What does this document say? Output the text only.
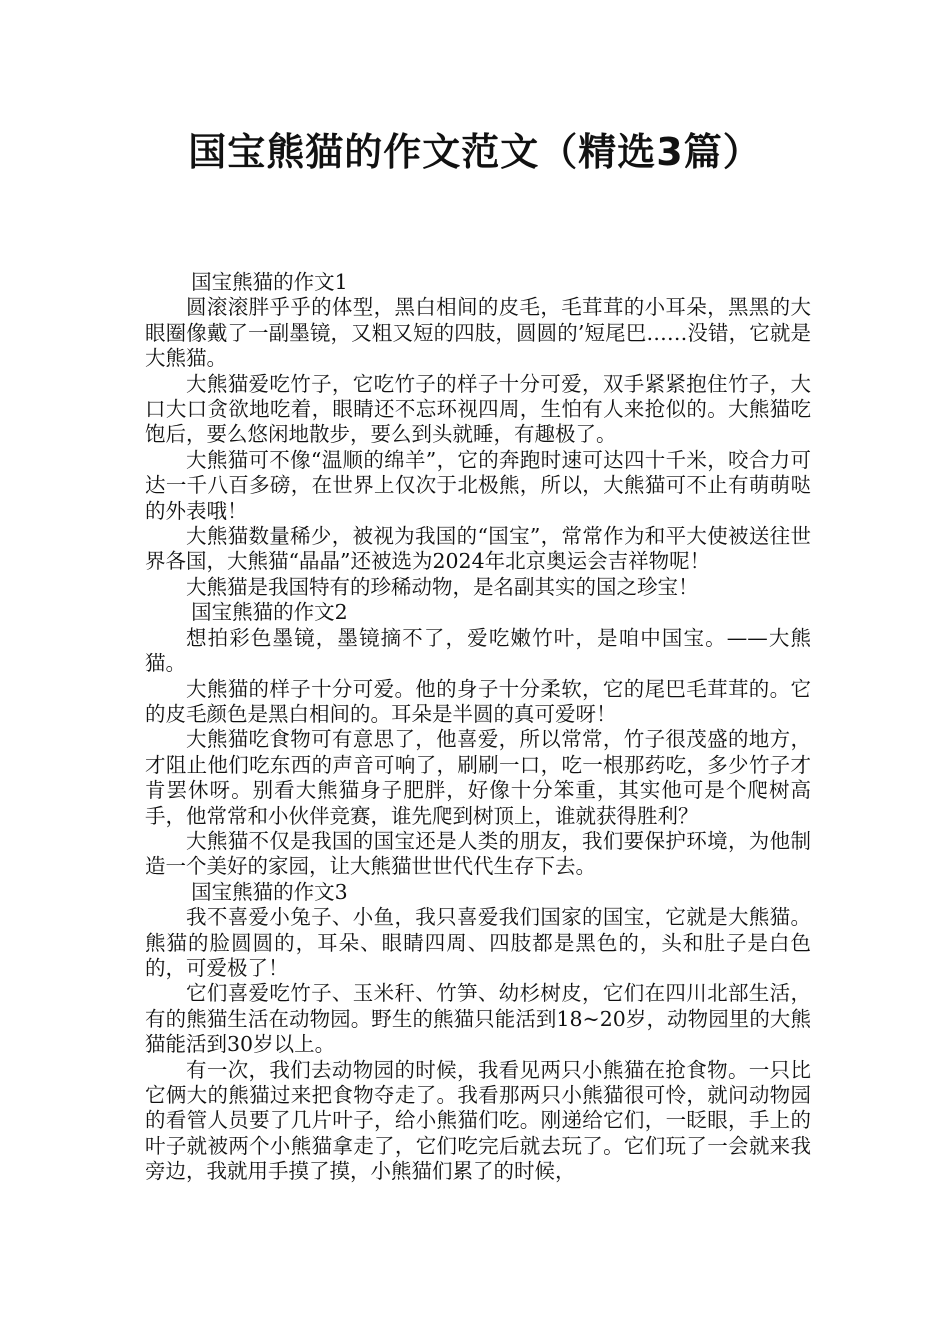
国宝熊猫的作文范文（精选3篇）

国宝熊猫的作文1

圆滚滚胖乎乎的体型，黑白相间的皮毛，毛茸茸的小耳朵，黑黑的大眼圈像戴了一副墨镜，又粗又短的四肢，圆圆的’短尾巴……没错，它就是大熊猫。

大熊猫爱吃竹子，它吃竹子的样子十分可爱，双手紧紧抱住竹子，大口大口贪欲地吃着，眼睛还不忘环视四周，生怕有人来抢似的。大熊猫吃饱后，要么悠闲地散步，要么到头就睡，有趣极了。

大熊猫可不像“温顺的绵羊”，它的奔跑时速可达四十千米，咬合力可达一千八百多磅，在世界上仅次于北极熊，所以，大熊猫可不止有萌萌哒的外表哦！

大熊猫数量稀少，被视为我国的“国宝”，常常作为和平大使被送往世界各国，大熊猫“晶晶”还被选为2024年北京奥运会吉祥物呢！

大熊猫是我国特有的珍稀动物，是名副其实的国之珍宝！

国宝熊猫的作文2

想拍彩色墨镜，墨镜摘不了，爱吃嫩竹叶，是咱中国宝。——大熊猫。

大熊猫的样子十分可爱。他的身子十分柔软，它的尾巴毛茸茸的。它的皮毛颜色是黑白相间的。耳朵是半圆的真可爱呀！

大熊猫吃食物可有意思了，他喜爱，所以常常，竹子很茂盛的地方，才阻止他们吃东西的声音可响了，刷刷一口，吃一根那药吃，多少竹子才肯罢休呀。别看大熊猫身子肥胖，好像十分笨重，其实他可是个爬树高手，他常常和小伙伴竞赛，谁先爬到树顶上，谁就获得胜利？

大熊猫不仅是我国的国宝还是人类的朋友，我们要保护环境，为他制造一个美好的家园，让大熊猫世世代代生存下去。

国宝熊猫的作文3

我不喜爱小兔子、小鱼，我只喜爱我们国家的国宝，它就是大熊猫。熊猫的脸圆圆的，耳朵、眼睛四周、四肢都是黑色的，头和肚子是白色的，可爱极了！

它们喜爱吃竹子、玉米秆、竹笋、幼杉树皮，它们在四川北部生活，有的熊猫生活在动物园。野生的熊猫只能活到18~20岁，动物园里的大熊猫能活到30岁以上。

有一次，我们去动物园的时候，我看见两只小熊猫在抢食物。一只比它俩大的熊猫过来把食物夺走了。我看那两只小熊猫很可怜，就问动物园的看管人员要了几片叶子，给小熊猫们吃。刚递给它们，一眨眼，手上的叶子就被两个小熊猫拿走了，它们吃完后就去玩了。它们玩了一会就来我旁边，我就用手摸了摸，小熊猫们累了的时候，
